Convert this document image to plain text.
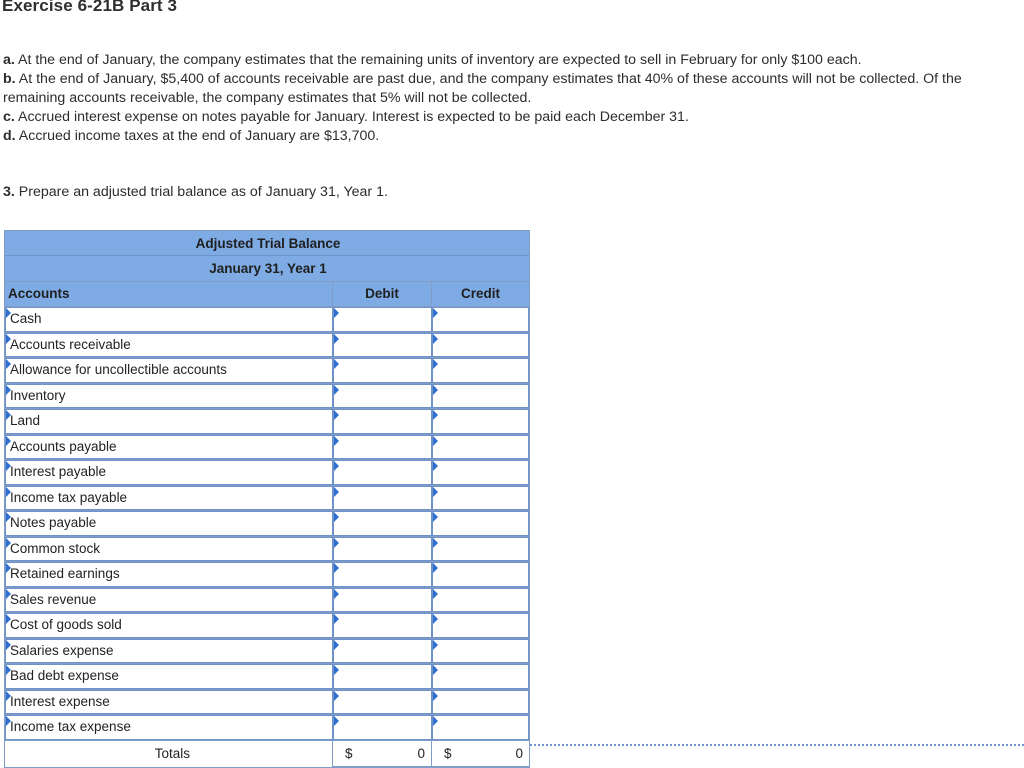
Exercise 6-21B Part 3

a. At the end of January, the company estimates that the remaining units of inventory are expected to sell in February for only $100 each.

b. At the end of January, $5,400 of accounts receivable are past due, and the company estimates that 40% of these accounts will not be collected. Of the remaining accounts receivable, the company estimates that 5% will not be collected.

c. Accrued interest expense on notes payable for January. Interest is expected to be paid each December 31.

d. Accrued income taxes at the end of January are $13,700.

3. Prepare an adjusted trial balance as of January 31, Year 1.

Adjusted Trial Balance
January 31, Year 1
Accounts	Debit	Credit
Cash
Accounts receivable
Allowance for uncollectible accounts
Inventory
Land
Accounts payable
Interest payable
Income tax payable
Notes payable
Common stock
Retained earnings
Sales revenue
Cost of goods sold
Salaries expense
Bad debt expense
Interest expense
Income tax expense
Totals	$	0 $	0
